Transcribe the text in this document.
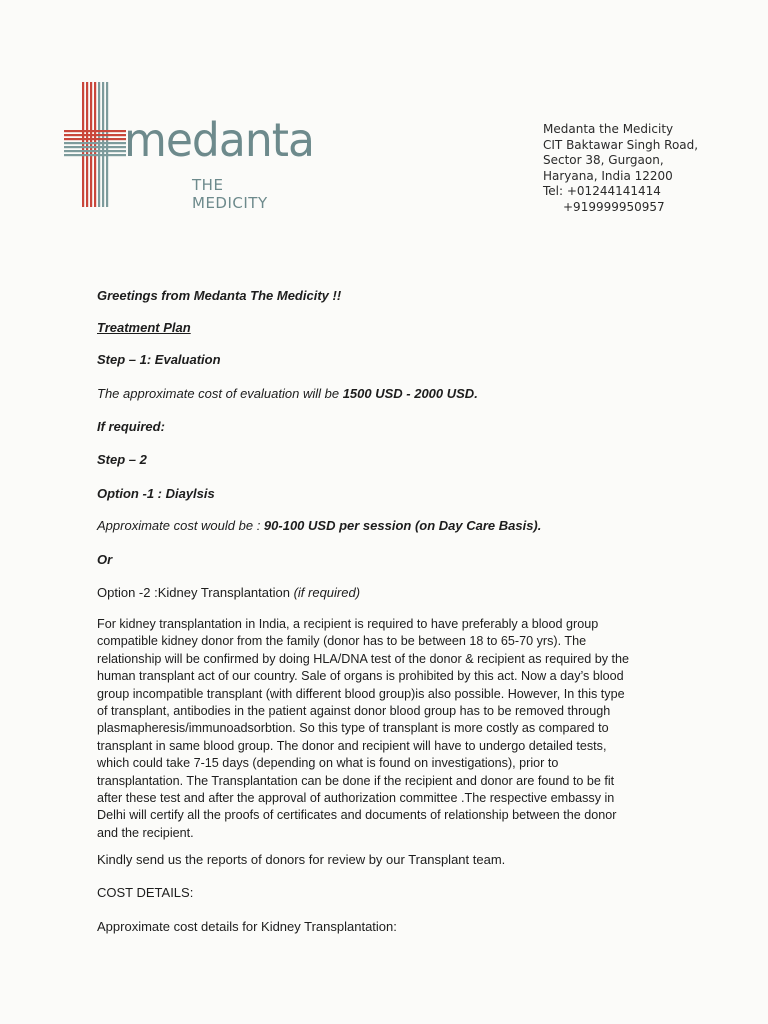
medanta
THE MEDICITY
Medanta the Medicity
CIT Baktawar Singh Road,
Sector 38, Gurgaon,
Haryana, India 12200
Tel: +01244141414
+919999950957
Greetings from Medanta The Medicity !!
Treatment Plan
Step – 1: Evaluation
The approximate cost of evaluation will be 1500 USD - 2000 USD.
If required:
Step – 2
Option -1 : Diaylsis
Approximate cost would be : 90-100 USD per session (on Day Care Basis).
Or
Option -2 :Kidney Transplantation (if required)
For kidney transplantation in India, a recipient is required to have preferably a blood group
compatible kidney donor from the family (donor has to be between 18 to 65-70 yrs). The
relationship will be confirmed by doing HLA/DNA test of the donor & recipient as required by the
human transplant act of our country. Sale of organs is prohibited by this act. Now a day’s blood
group incompatible transplant (with different blood group)is also possible. However, In this type
of transplant, antibodies in the patient against donor blood group has to be removed through
plasmapheresis/immunoadsorbtion. So this type of transplant is more costly as compared to
transplant in same blood group. The donor and recipient will have to undergo detailed tests,
which could take 7-15 days (depending on what is found on investigations), prior to
transplantation. The Transplantation can be done if the recipient and donor are found to be fit
after these test and after the approval of authorization committee .The respective embassy in
Delhi will certify all the proofs of certificates and documents of relationship between the donor
and the recipient.
Kindly send us the reports of donors for review by our Transplant team.
COST DETAILS:
Approximate cost details for Kidney Transplantation:
